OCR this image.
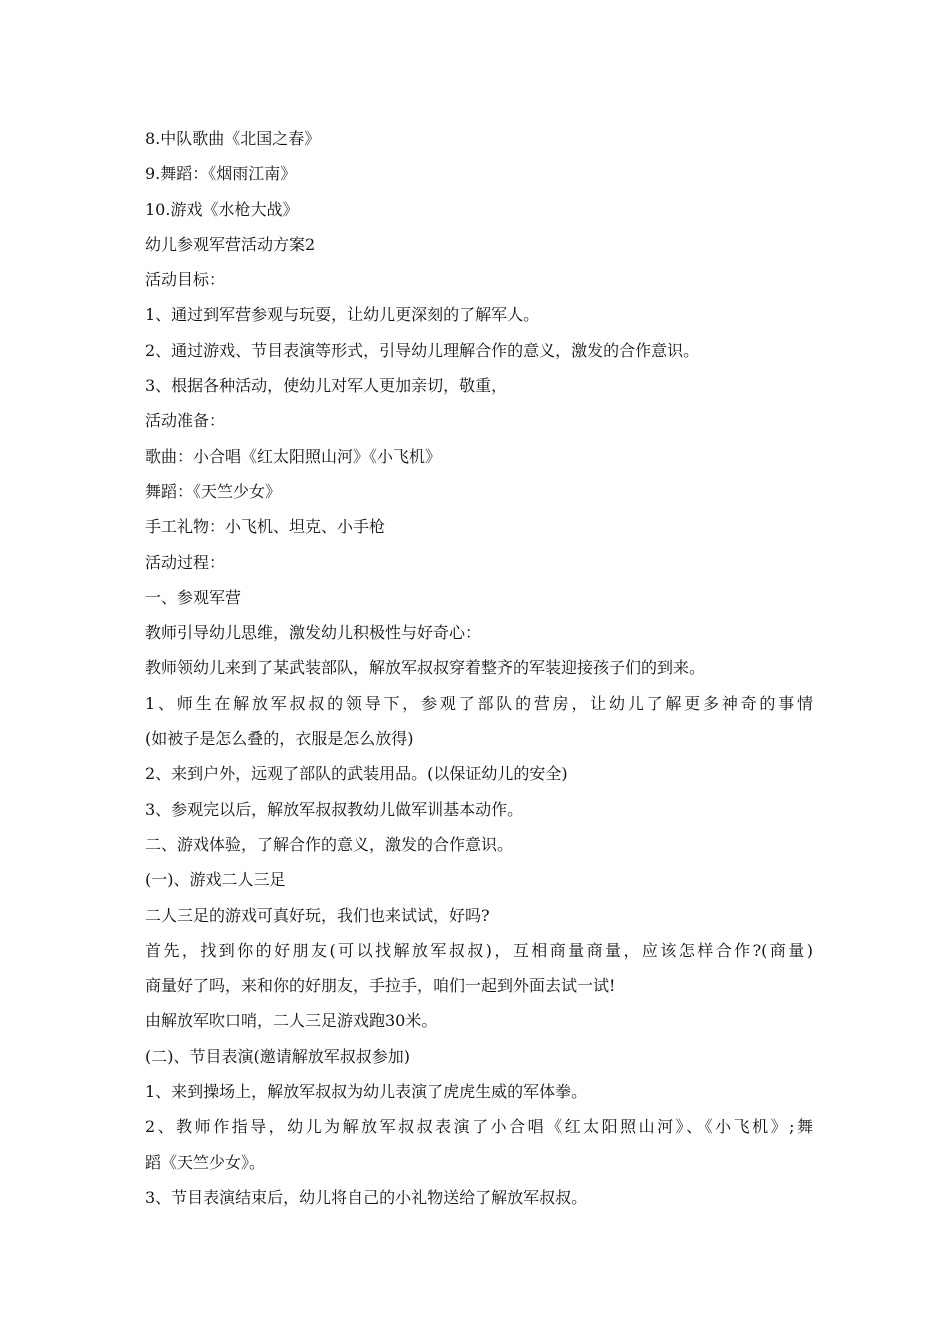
8.中队歌曲《北国之春》
9.舞蹈：《烟雨江南》
10.游戏《水枪大战》
幼儿参观军营活动方案2
活动目标：
1、通过到军营参观与玩耍，让幼儿更深刻的了解军人。
2、通过游戏、节目表演等形式，引导幼儿理解合作的意义，激发的合作意识。
3、根据各种活动，使幼儿对军人更加亲切，敬重，
活动准备：
歌曲：小合唱《红太阳照山河》《小飞机》
舞蹈：《天竺少女》
手工礼物：小飞机、坦克、小手枪
活动过程：
一、参观军营
教师引导幼儿思维，激发幼儿积极性与好奇心：
教师领幼儿来到了某武装部队，解放军叔叔穿着整齐的军装迎接孩子们的到来。
1、师生在解放军叔叔的领导下，参观了部队的营房，让幼儿了解更多神奇的事情
(如被子是怎么叠的，衣服是怎么放得)
2、来到户外，远观了部队的武装用品。(以保证幼儿的安全)
3、参观完以后，解放军叔叔教幼儿做军训基本动作。
二、游戏体验，了解合作的意义，激发的合作意识。
(一)、游戏二人三足
二人三足的游戏可真好玩，我们也来试试，好吗?
首先，找到你的好朋友(可以找解放军叔叔)，互相商量商量，应该怎样合作?(商量)
商量好了吗，来和你的好朋友，手拉手，咱们一起到外面去试一试!
由解放军吹口哨，二人三足游戏跑30米。
(二)、节目表演(邀请解放军叔叔参加)
1、来到操场上，解放军叔叔为幼儿表演了虎虎生威的军体拳。
2、教师作指导，幼儿为解放军叔叔表演了小合唱《红太阳照山河》、《小飞机》;舞
蹈《天竺少女》。
3、节目表演结束后，幼儿将自己的小礼物送给了解放军叔叔。
